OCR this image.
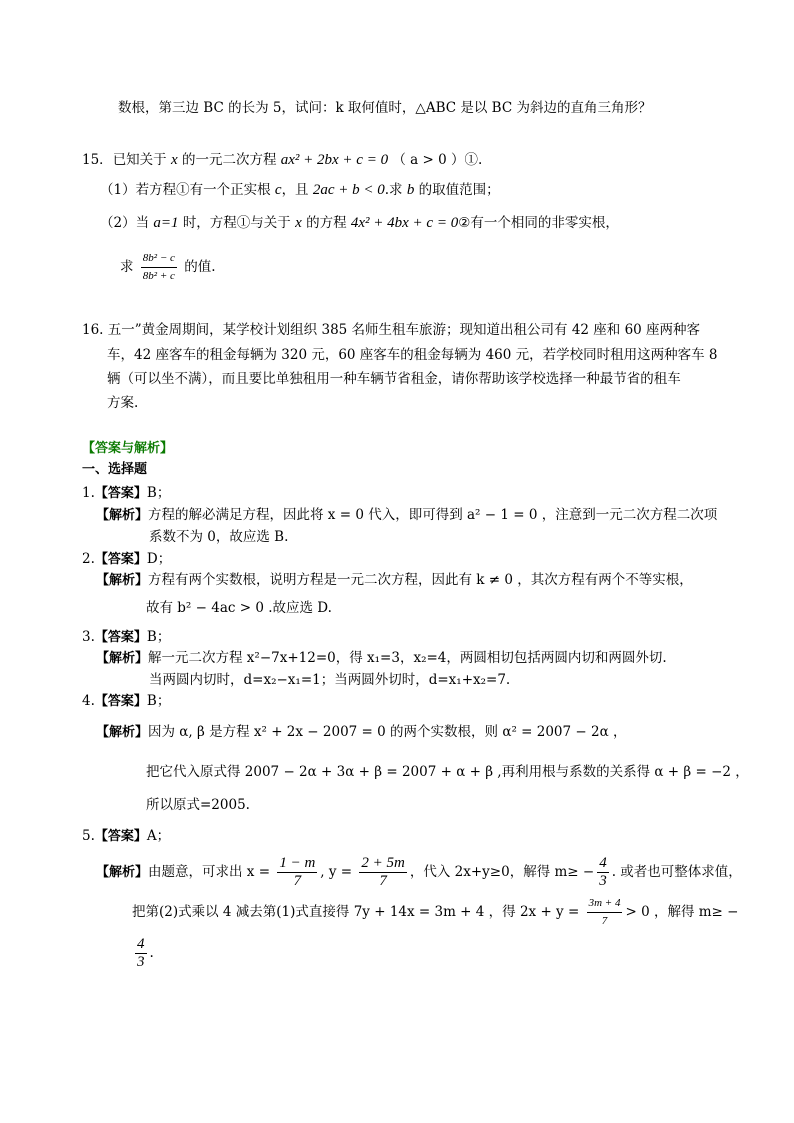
数根，第三边 BC 的长为 5，试问：k 取何值时，△ABC 是以 BC 为斜边的直角三角形？
15．已知关于 x 的一元二次方程 ax² + 2bx + c = 0 （ a > 0 ）①.
（1）若方程①有一个正实根 c，且 2ac + b < 0.求 b 的取值范围；
（2）当 a=1 时，方程①与关于 x 的方程 4x² + 4bx + c = 0②有一个相同的非零实根，
求 $\frac{\text{8b² − c}}{\text{8b² + c}}$ 的值.
16. 五一”黄金周期间，某学校计划组织 385 名师生租车旅游；现知道出租公司有 42 座和 60 座两种客
车，42 座客车的租金每辆为 320 元，60 座客车的租金每辆为 460 元，若学校同时租用这两种客车 8
辆（可以坐不满），而且要比单独租用一种车辆节省租金，请你帮助该学校选择一种最节省的租车
方案.
【答案与解析】
一、选择题
1.【答案】B；
【解析】方程的解必满足方程，因此将 x = 0 代入，即可得到 a² − 1 = 0 ，注意到一元二次方程二次项
系数不为 0，故应选 B.
2.【答案】D；
【解析】方程有两个实数根，说明方程是一元二次方程，因此有 k ≠ 0 ，其次方程有两个不等实根，
故有 b² − 4ac > 0 .故应选 D.
3.【答案】B；
【解析】解一元二次方程 x²−7x+12=0，得 x₁=3，x₂=4，两圆相切包括两圆内切和两圆外切.
当两圆内切时，d=x₂−x₁=1；当两圆外切时，d=x₁+x₂=7.
4.【答案】B；
【解析】因为 α, β 是方程 x² + 2x − 2007 = 0 的两个实数根，则 α² = 2007 − 2α ，
把它代入原式得 2007 − 2α + 3α + β = 2007 + α + β ,再利用根与系数的关系得 α + β = −2 ，
所以原式=2005.
5.【答案】A；
【解析】由题意，可求出 $x = \frac{1 - m}{7}$ , $y = \frac{2 + 5m}{7}$ ，代入 2x+y≥0，解得 $m\ge - \frac{4}{3}$ . 或者也可整体求值，
把第(2)式乘以 4 减去第(1)式直接得 7y + 14x = 3m + 4 ，得 $2x + y = \frac{3m + 4}{7} > 0$ ，解得 m≥ −
$\frac{4}{3}$ .
